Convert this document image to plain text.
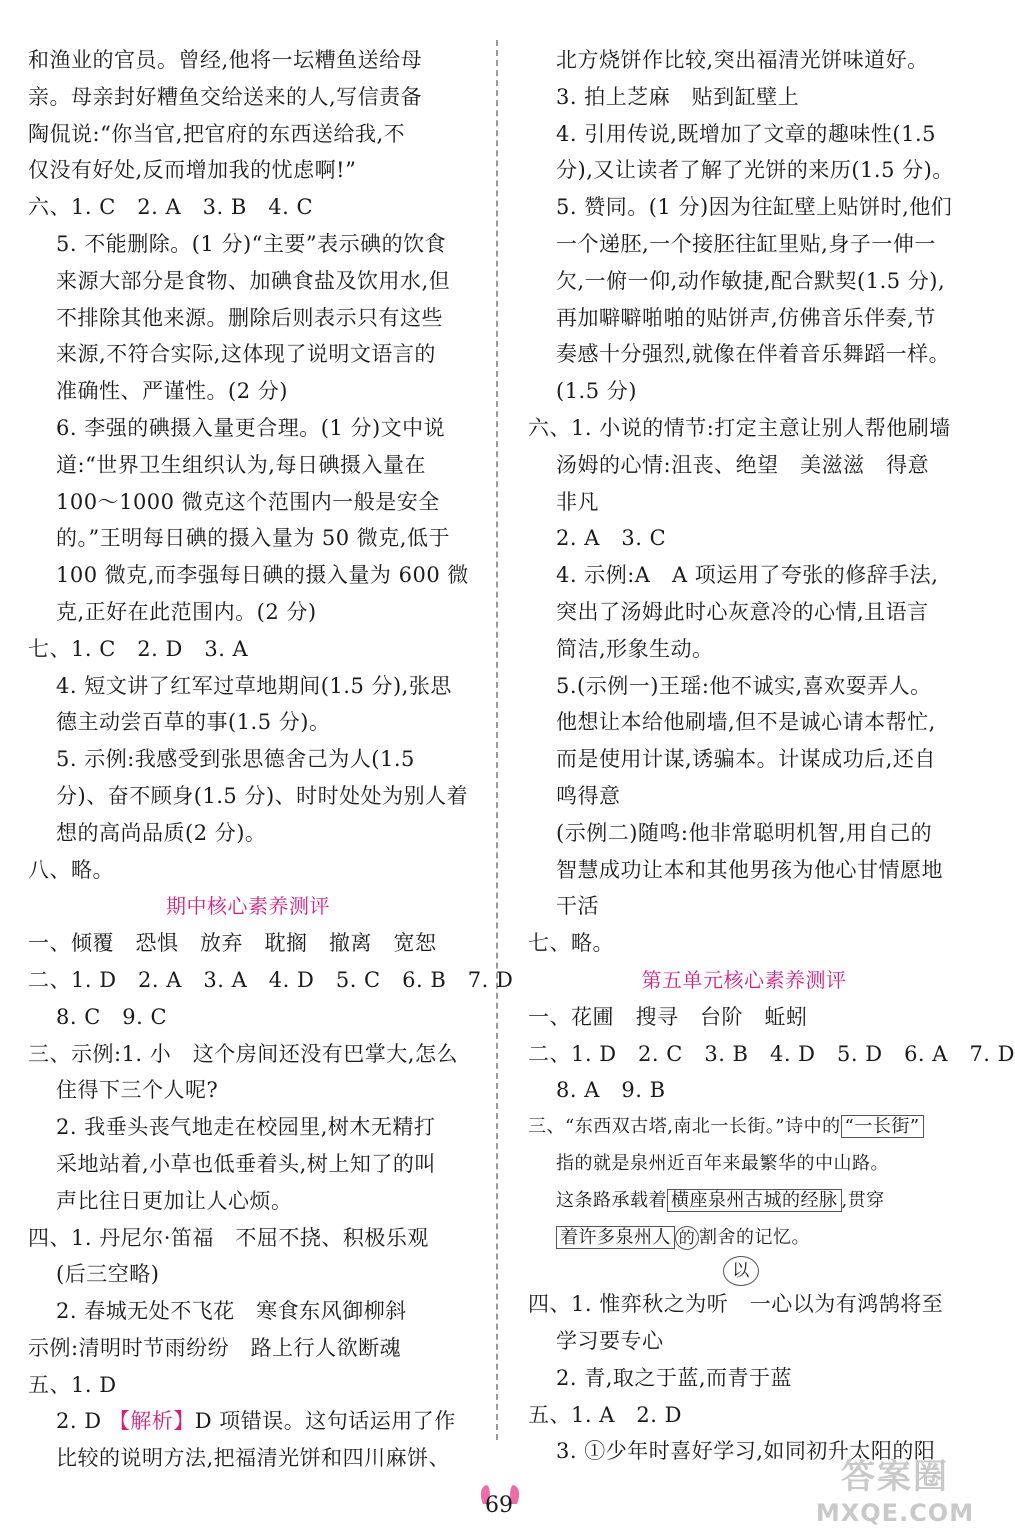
和渔业的官员。曾经,他将一坛糟鱼送给母
亲。母亲封好糟鱼交给送来的人,写信责备
陶侃说:“你当官,把官府的东西送给我,不
仅没有好处,反而增加我的忧虑啊!”
六、1. C　2. A　3. B　4. C
5. 不能删除。(1 分)“主要”表示碘的饮食
来源大部分是食物、加碘食盐及饮用水,但
不排除其他来源。删除后则表示只有这些
来源,不符合实际,这体现了说明文语言的
准确性、严谨性。(2 分)
6. 李强的碘摄入量更合理。(1 分)文中说
道:“世界卫生组织认为,每日碘摄入量在
100～1000 微克这个范围内一般是安全
的。”王明每日碘的摄入量为 50 微克,低于
100 微克,而李强每日碘的摄入量为 600 微
克,正好在此范围内。(2 分)
七、1. C　2. D　3. A
4. 短文讲了红军过草地期间(1.5 分),张思
德主动尝百草的事(1.5 分)。
5. 示例:我感受到张思德舍己为人(1.5
分)、奋不顾身(1.5 分)、时时处处为别人着
想的高尚品质(2 分)。
八、略。
期中核心素养测评
一、倾覆　恐惧　放弃　耽搁　撤离　宽恕
二、1. D　2. A　3. A　4. D　5. C　6. B　7. D
8. C　9. C
三、示例:1. 小　这个房间还没有巴掌大,怎么
住得下三个人呢?
2. 我垂头丧气地走在校园里,树木无精打
采地站着,小草也低垂着头,树上知了的叫
声比往日更加让人心烦。
四、1. 丹尼尔·笛福　不屈不挠、积极乐观
(后三空略)
2. 春城无处不飞花　寒食东风御柳斜
示例:清明时节雨纷纷　路上行人欲断魂
五、1. D
2. D 【解析】D 项错误。这句话运用了作
比较的说明方法,把福清光饼和四川麻饼、
北方烧饼作比较,突出福清光饼味道好。
3. 拍上芝麻　贴到缸壁上
4. 引用传说,既增加了文章的趣味性(1.5
分),又让读者了解了光饼的来历(1.5 分)。
5. 赞同。(1 分)因为往缸壁上贴饼时,他们
一个递胚,一个接胚往缸里贴,身子一伸一
欠,一俯一仰,动作敏捷,配合默契(1.5 分),
再加噼噼啪啪的贴饼声,仿佛音乐伴奏,节
奏感十分强烈,就像在伴着音乐舞蹈一样。
(1.5 分)
六、1. 小说的情节:打定主意让别人帮他刷墙
汤姆的心情:沮丧、绝望　美滋滋　得意
非凡
2. A　3. C
4. 示例:A　A 项运用了夸张的修辞手法,
突出了汤姆此时心灰意冷的心情,且语言
简洁,形象生动。
5.(示例一)王瑶:他不诚实,喜欢耍弄人。
他想让本给他刷墙,但不是诚心请本帮忙,
而是使用计谋,诱骗本。计谋成功后,还自
鸣得意
(示例二)随鸣:他非常聪明机智,用自己的
智慧成功让本和其他男孩为他心甘情愿地
干活
七、略。
第五单元核心素养测评
一、花圃　搜寻　台阶　蚯蚓
二、1. D　2. C　3. B　4. D　5. D　6. A　7. D
8. A　9. B
三、“东西双古塔,南北一长街。”诗中的 “一长街”
指的就是泉州近百年来最繁华的中山路。
这条路承载着 横座泉州古城的经脉 ,贯穿
着许多泉州人 的 割舍的记忆。
以
四、1. 惟弈秋之为听　一心以为有鸿鹄将至
学习要专心
2. 青,取之于蓝,而青于蓝
五、1. A　2. D
3. ①少年时喜好学习,如同初升太阳的阳
69
答案圈
MXQE.COM
